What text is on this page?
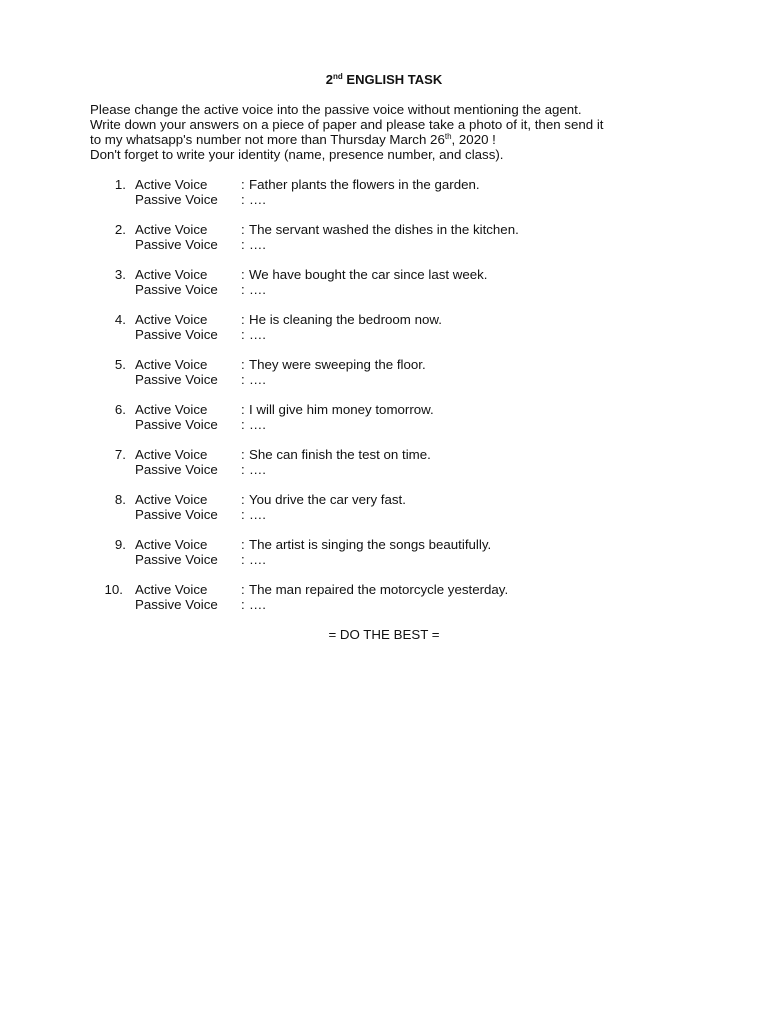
2nd ENGLISH TASK

Please change the active voice into the passive voice without mentioning the agent.

Write down your answers on a piece of paper and please take a photo of it, then send it

to my whatsapp's number not more than Thursday March 26th, 2020 !

Don't forget to write your identity (name, presence number, and class).

1. Active Voice	: Father plants the flowers in the garden.
Passive Voice : ….
2. Active Voice	: The servant washed the dishes in the kitchen.
Passive Voice : ….
3. Active Voice	: We have bought the car since last week.
Passive Voice : ….
4. Active Voice	: He is cleaning the bedroom now.
Passive Voice : ….
5. Active Voice	: They were sweeping the floor.
Passive Voice : ….
6. Active Voice	: I will give him money tomorrow.
Passive Voice : ….
7. Active Voice	: She can finish the test on time.
Passive Voice : ….
8. Active Voice	: You drive the car very fast.
Passive Voice : ….
9. Active Voice	: The artist is singing the songs beautifully.
Passive Voice : ….
10. Active Voice	: The man repaired the motorcycle yesterday.
Passive Voice : ….
= DO THE BEST =
